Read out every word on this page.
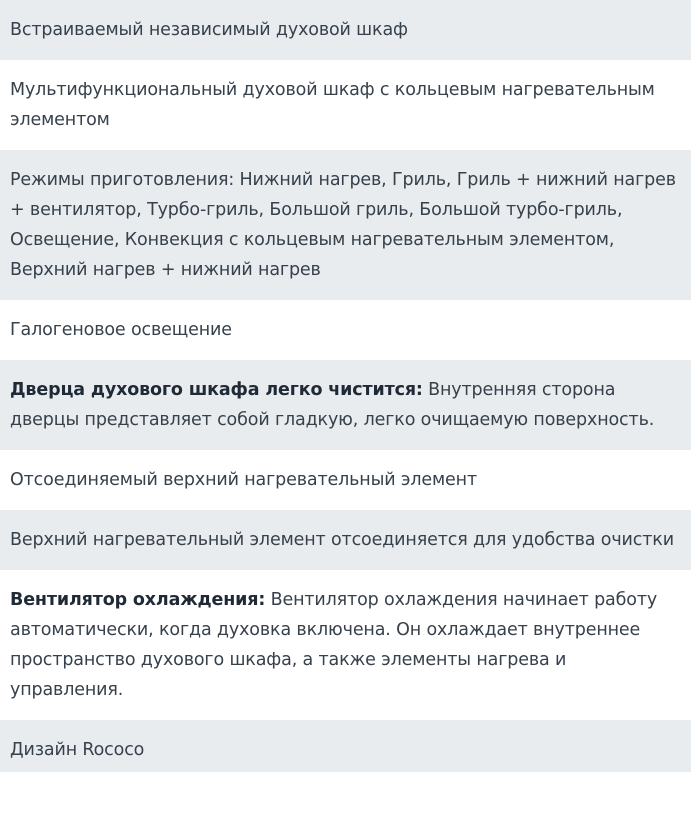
Встраиваемый независимый духовой шкаф
Мультифункциональный духовой шкаф с кольцевым нагревательным элементом
Режимы приготовления: Нижний нагрев, Гриль, Гриль + нижний нагрев + вентилятор, Турбо-гриль, Большой гриль, Большой турбо-гриль, Освещение, Конвекция с кольцевым нагревательным элементом, Верхний нагрев + нижний нагрев
Галогеновое освещение
Дверца духового шкафа легко чистится: Внутренняя сторона дверцы представляет собой гладкую, легко очищаемую поверхность.
Отсоединяемый верхний нагревательный элемент
Верхний нагревательный элемент отсоединяется для удобства очистки
Вентилятор охлаждения: Вентилятор охлаждения начинает работу автоматически, когда духовка включена. Он охлаждает внутреннее пространство духового шкафа, а также элементы нагрева и управления.
Дизайн Rococo
